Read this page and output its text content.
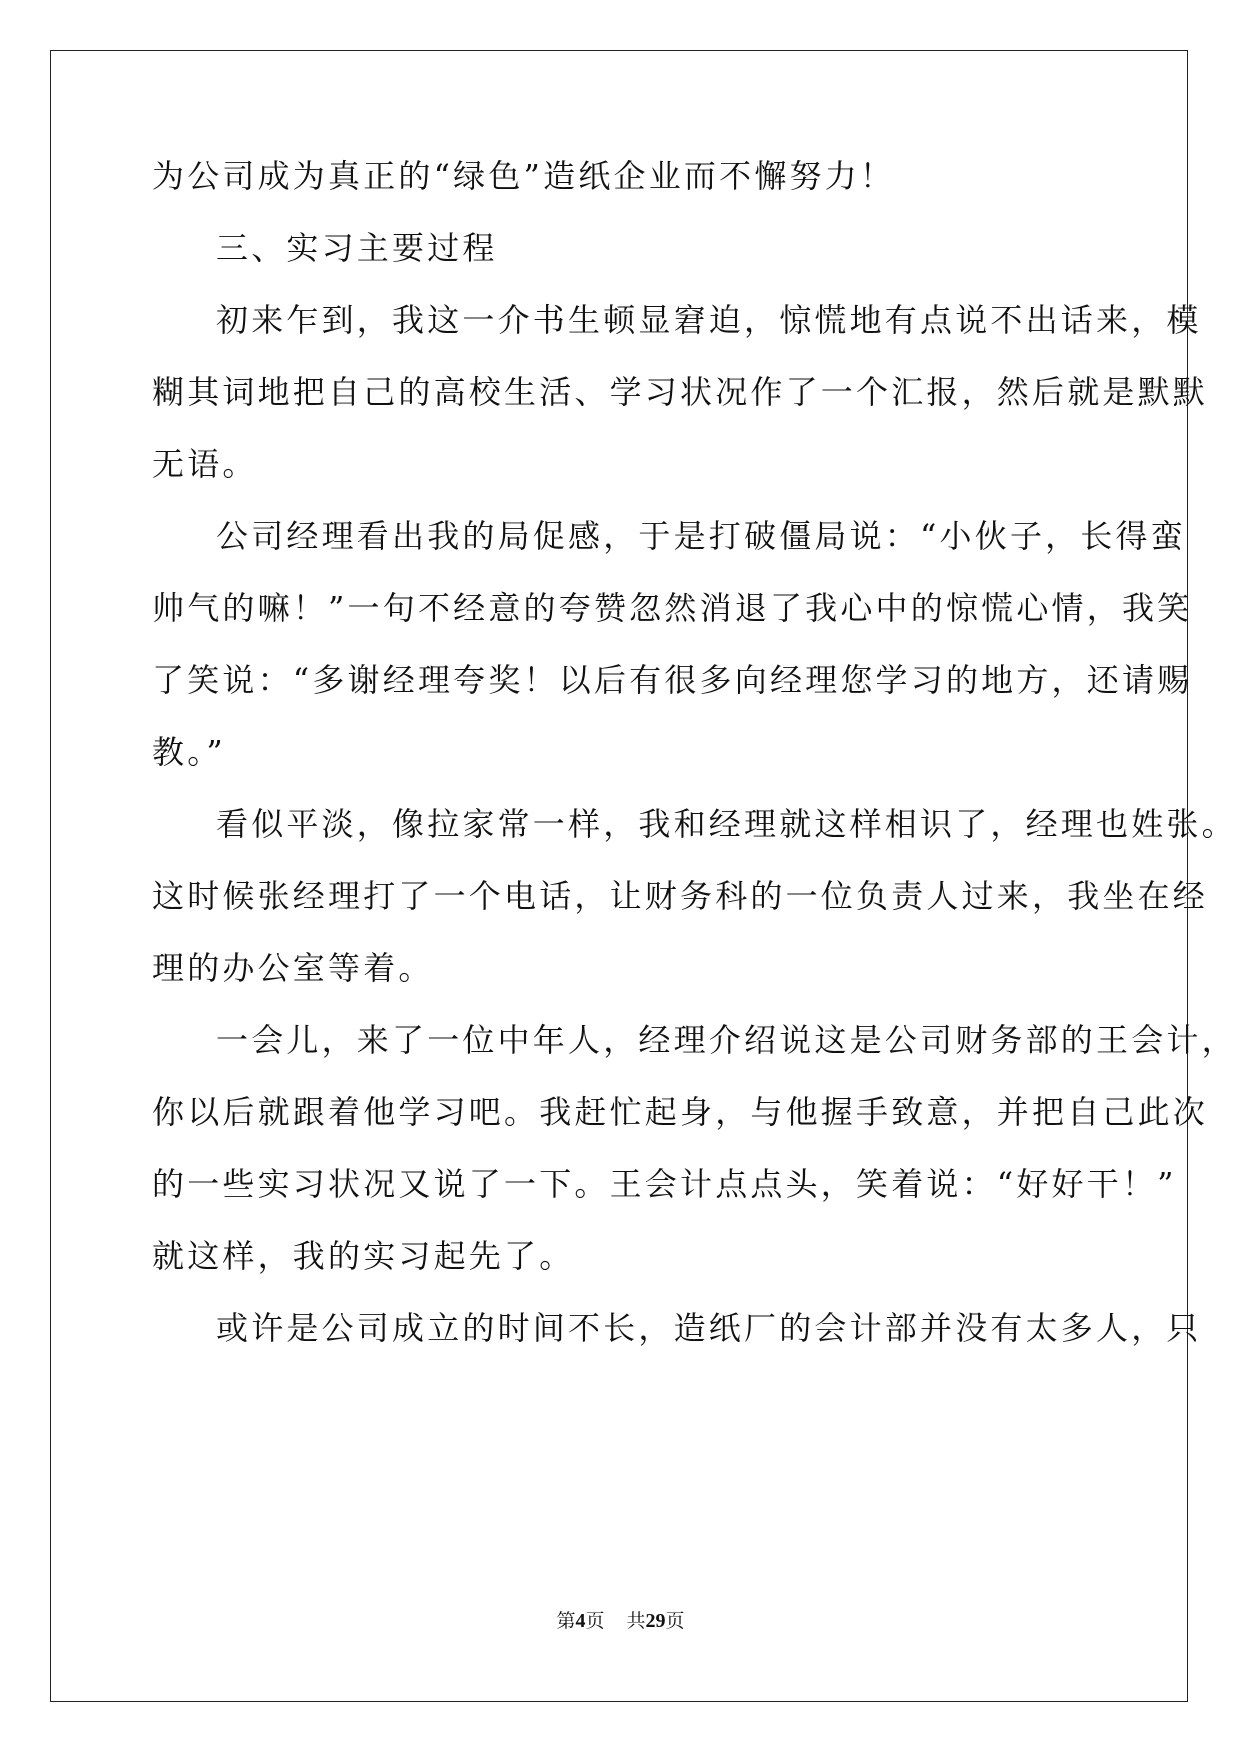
为公司成为真正的“绿色”造纸企业而不懈努力！
三、实习主要过程
初来乍到，我这一介书生顿显窘迫，惊慌地有点说不出话来，模
糊其词地把自己的高校生活、学习状况作了一个汇报，然后就是默默
无语。
公司经理看出我的局促感，于是打破僵局说：“小伙子，长得蛮
帅气的嘛！”一句不经意的夸赞忽然消退了我心中的惊慌心情，我笑
了笑说：“多谢经理夸奖！以后有很多向经理您学习的地方，还请赐
教。”
看似平淡，像拉家常一样，我和经理就这样相识了，经理也姓张。
这时候张经理打了一个电话，让财务科的一位负责人过来，我坐在经
理的办公室等着。
一会儿，来了一位中年人，经理介绍说这是公司财务部的王会计，
你以后就跟着他学习吧。我赶忙起身，与他握手致意，并把自己此次
的一些实习状况又说了一下。王会计点点头，笑着说：“好好干！”
就这样，我的实习起先了。
或许是公司成立的时间不长，造纸厂的会计部并没有太多人，只
第4页 共29页
